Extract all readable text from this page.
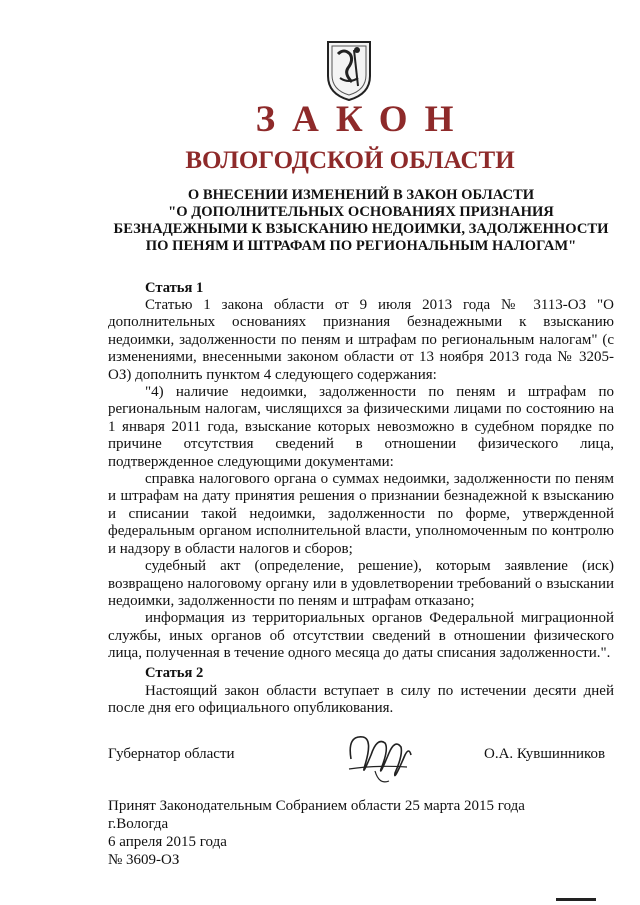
ЗАКОН
ВОЛОГОДСКОЙ ОБЛАСТИ
О ВНЕСЕНИИ ИЗМЕНЕНИЙ В ЗАКОН ОБЛАСТИ
"О ДОПОЛНИТЕЛЬНЫХ ОСНОВАНИЯХ ПРИЗНАНИЯ
БЕЗНАДЕЖНЫМИ К ВЗЫСКАНИЮ НЕДОИМКИ, ЗАДОЛЖЕННОСТИ
ПО ПЕНЯМ И ШТРАФАМ ПО РЕГИОНАЛЬНЫМ НАЛОГАМ"
Статья 1

Статью 1 закона области от 9 июля 2013 года № 3113-ОЗ "О дополнительных основаниях признания безнадежными к взысканию недоимки, задолженности по пеням и штрафам по региональным налогам" (с изменениями, внесенными законом области от 13 ноября 2013 года № 3205-ОЗ) дополнить пунктом 4 следующего содержания:

"4) наличие недоимки, задолженности по пеням и штрафам по региональным налогам, числящихся за физическими лицами по состоянию на 1 января 2011 года, взыскание которых невозможно в судебном порядке по причине отсутствия сведений в отношении физического лица, подтвержденное следующими документами:

справка налогового органа о суммах недоимки, задолженности по пеням и штрафам на дату принятия решения о признании безнадежной к взысканию и списании такой недоимки, задолженности по форме, утвержденной федеральным органом исполнительной власти, уполномоченным по контролю и надзору в области налогов и сборов;

судебный акт (определение, решение), которым заявление (иск) возвращено налоговому органу или в удовлетворении требований о взыскании недоимки, задолженности по пеням и штрафам отказано;

информация из территориальных органов Федеральной миграционной службы, иных органов об отсутствии сведений в отношении физического лица, полученная в течение одного месяца до даты списания задолженности.".

Статья 2

Настоящий закон области вступает в силу по истечении десяти дней после дня его официального опубликования.

Губернатор области	О.А. Кувшинников
Принят Законодательным Собранием области 25 марта 2015 года
г.Вологда
6 апреля 2015 года
№ 3609-ОЗ
